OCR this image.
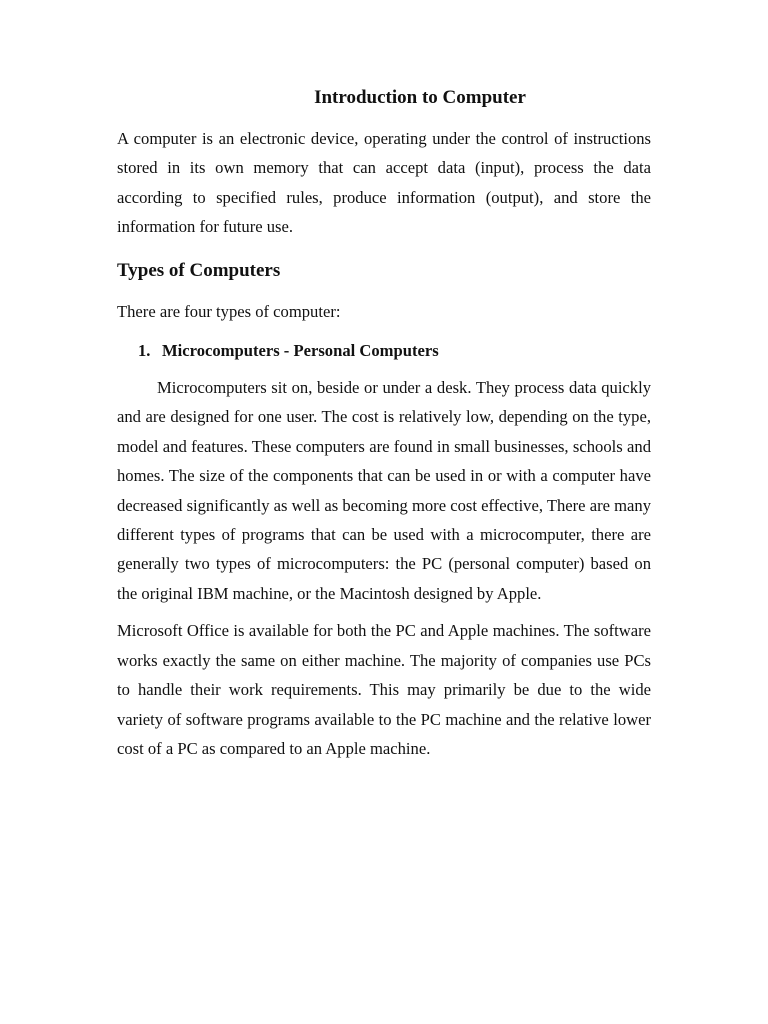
Introduction to Computer

A computer is an electronic device, operating under the control of instructions stored in its own memory that can accept data (input), process the data according to specified rules, produce information (output), and store the information for future use.

Types of Computers

There are four types of computer:

1. Microcomputers - Personal Computers

Microcomputers sit on, beside or under a desk. They process data quickly and are designed for one user. The cost is relatively low, depending on the type, model and features. These computers are found in small businesses, schools and homes. The size of the components that can be used in or with a computer have decreased significantly as well as becoming more cost effective, There are many different types of programs that can be used with a microcomputer, there are generally two types of microcomputers: the PC (personal computer) based on the original IBM machine, or the Macintosh designed by Apple.

Microsoft Office is available for both the PC and Apple machines. The software works exactly the same on either machine. The majority of companies use PCs to handle their work requirements. This may primarily be due to the wide variety of software programs available to the PC machine and the relative lower cost of a PC as compared to an Apple machine.
